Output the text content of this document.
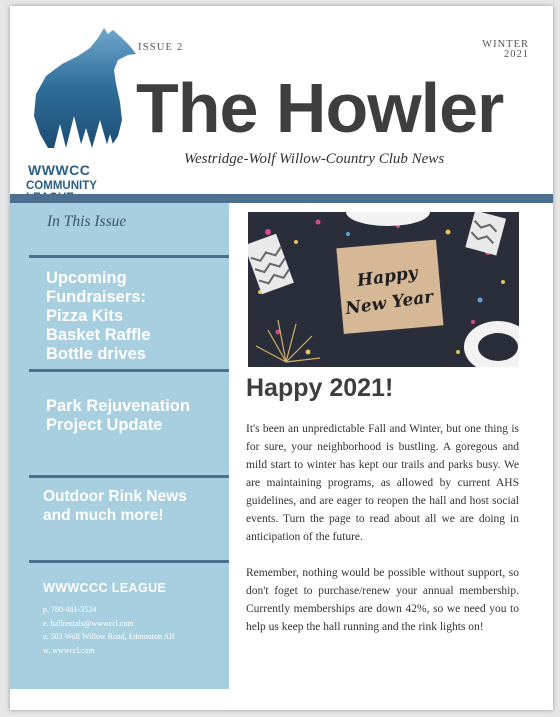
WWWCC
COMMUNITY
ISSUE 2	WINTER
2021
The Howler
Westridge-Wolf Willow-Country Club News
In This Issue
Upcoming
Fundraisers:
Pizza Kits
Basket Raffle
Bottle drives
Park Rejuvenation
Project Update
Outdoor Rink News
and much more!
WWWCCC LEAGUE
p. 780-481-3524
e. hallrentals@wwwccl.com
a. 503 Wolf Willow Road, Edmonton AB
w. wwwccl.com
Happy
New Year
Happy 2021!

It's been an unpredictable Fall and Winter, but one thing is for sure, your neighborhood is bustling. A goregous and mild start to winter has kept our trails and parks busy. We are maintaining programs, as allowed by current AHS guidelines, and are eager to reopen the hall and host social events. Turn the page to read about all we are doing in anticipation of the future.

Remember, nothing would be possible without support, so don't foget to purchase/renew your annual membership. Currently memberships are down 42%, so we need you to help us keep the hall running and the rink lights on!
